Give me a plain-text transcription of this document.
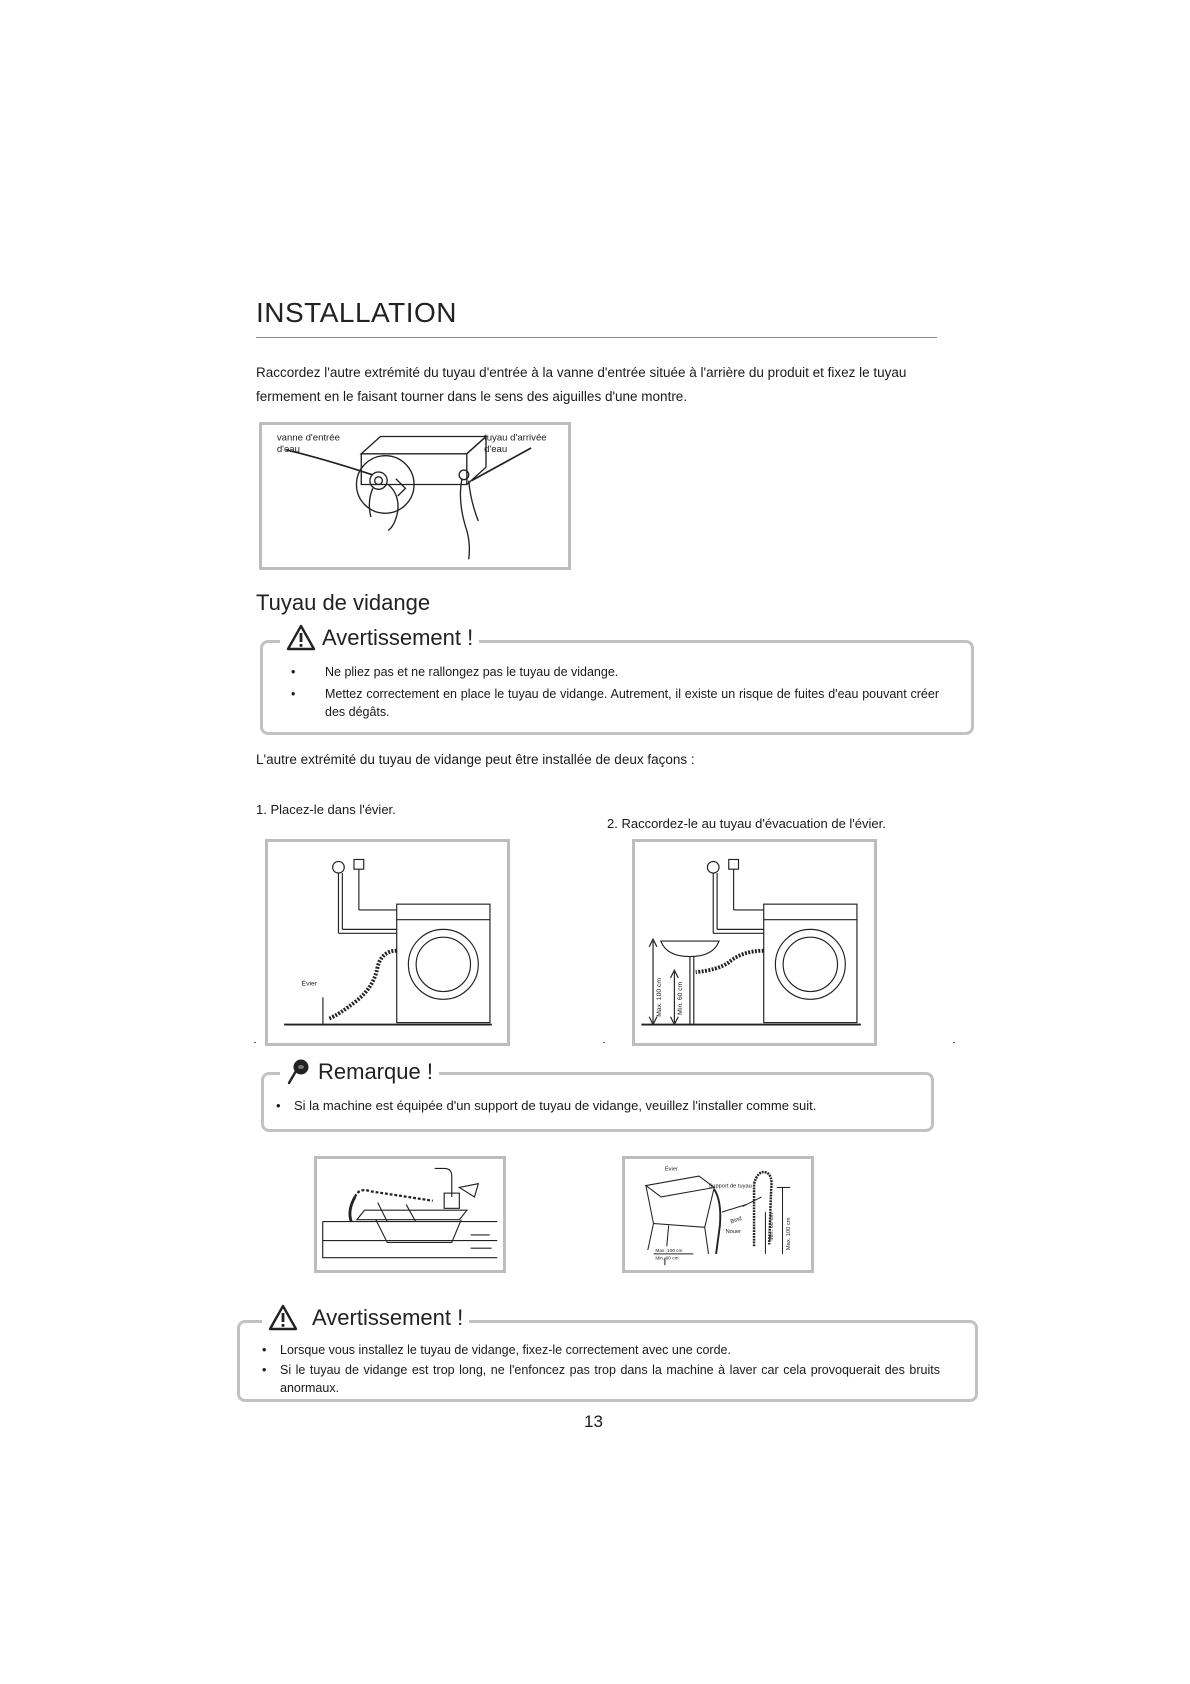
INSTALLATION
Raccordez l'autre extrémité du tuyau d'entrée à la vanne d'entrée située à l'arrière du produit et fixez le tuyau fermement en le faisant tourner dans le sens des aiguilles d'une montre.
vanne d'entrée
d'eau
tuyau d'arrivée
d'eau
Tuyau de vidange
• Ne pliez pas et ne rallongez pas le tuyau de vidange.
• Mettez correctement en place le tuyau de vidange. Autrement, il existe un risque de fuites d'eau pouvant créer des dégâts.
Avertissement !
L'autre extrémité du tuyau de vidange peut être installée de deux façons :
1. Placez-le dans l'évier.
2. Raccordez-le au tuyau d'évacuation de l'évier.
Évier	Max. 100 cm Min. 60 cm
• Si la machine est équipée d'un support de tuyau de vidange, veuillez l'installer comme suit.
Remarque !
Évier
Support de tuyau
Bind
Nouer
Max. 100 cm
Min. 60 cm
Min. 60 cm Max. 100 cm
• Lorsque vous installez le tuyau de vidange, fixez-le correctement avec une corde.
• Si le tuyau de vidange est trop long, ne l'enfoncez pas trop dans la machine à laver car cela provoquerait des bruits anormaux.
Avertissement !
13
